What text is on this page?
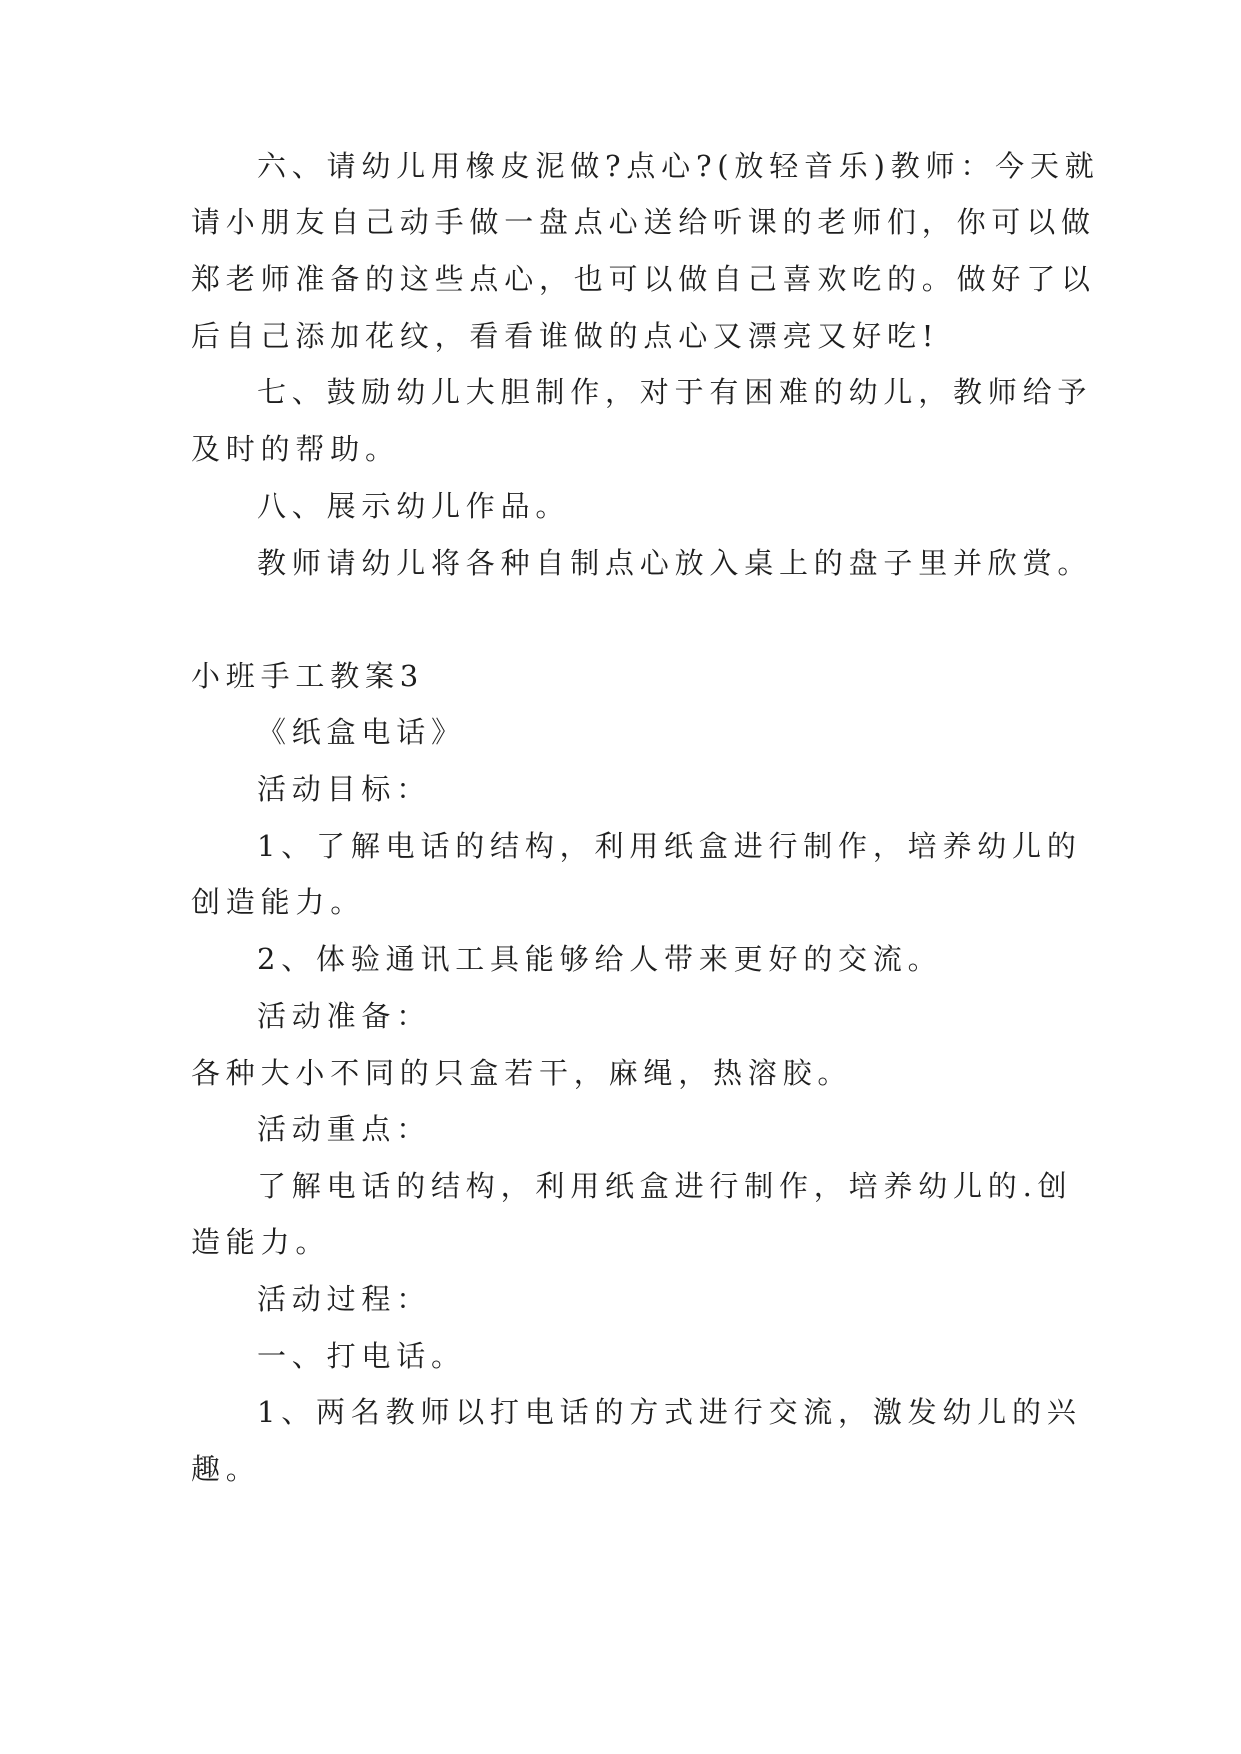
六、请幼儿用橡皮泥做?点心?(放轻音乐)教师：今天就
请小朋友自己动手做一盘点心送给听课的老师们，你可以做
郑老师准备的这些点心，也可以做自己喜欢吃的。做好了以
后自己添加花纹，看看谁做的点心又漂亮又好吃!
七、鼓励幼儿大胆制作，对于有困难的幼儿，教师给予
及时的帮助。
八、展示幼儿作品。
教师请幼儿将各种自制点心放入桌上的盘子里并欣赏。
小班手工教案3
《纸盒电话》
活动目标：
1、了解电话的结构，利用纸盒进行制作，培养幼儿的
创造能力。
2、体验通讯工具能够给人带来更好的交流。
活动准备：
各种大小不同的只盒若干，麻绳，热溶胶。
活动重点：
了解电话的结构，利用纸盒进行制作，培养幼儿的.创
造能力。
活动过程：
一、打电话。
1、两名教师以打电话的方式进行交流，激发幼儿的兴
趣。
